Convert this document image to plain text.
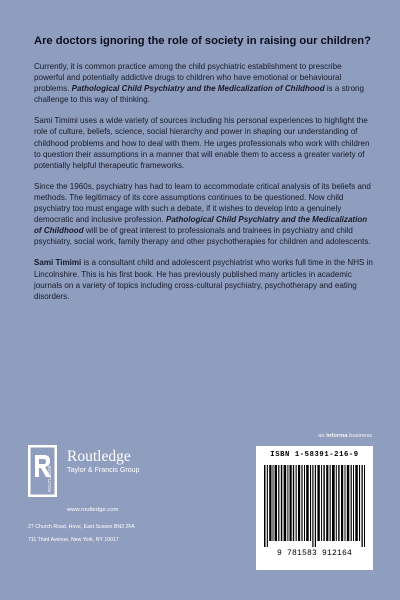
Are doctors ignoring the role of society in raising our children?

Currently, it is common practice among the child psychiatric establishment to prescribe powerful and potentially addictive drugs to children who have emotional or behavioural problems. Pathological Child Psychiatry and the Medicalization of Childhood is a strong challenge to this way of thinking.

Sami Timimi uses a wide variety of sources including his personal experiences to highlight the role of culture, beliefs, science, social hierarchy and power in shaping our understanding of childhood problems and how to deal with them. He urges professionals who work with children to question their assumptions in a manner that will enable them to access a greater variety of potentially helpful therapeutic frameworks.

Since the 1960s, psychiatry has had to learn to accommodate critical analysis of its beliefs and methods. The legitimacy of its core assumptions continues to be questioned. Now child psychiatry too must engage with such a debate, if it wishes to develop into a genuinely democratic and inclusive profession. Pathological Child Psychiatry and the Medicalization of Childhood will be of great interest to professionals and trainees in psychiatry and child psychiatry, social work, family therapy and other psychotherapies for children and adolescents.

Sami Timimi is a consultant child and adolescent psychiatrist who works full time in the NHS in Lincolnshire. This is his first book. He has previously published many articles in academic journals on a variety of topics including cross-cultural psychiatry, psychotherapy and eating disorders.

an informa business
ROUTLEDGE
Routledge
Taylor & Francis Group
www.routledge.com
27 Church Road, Hove, East Sussex BN3 2FA
711 Third Avenue, New York, NY 10017
ISBN 1-58391-216-9
9 781583 912164
